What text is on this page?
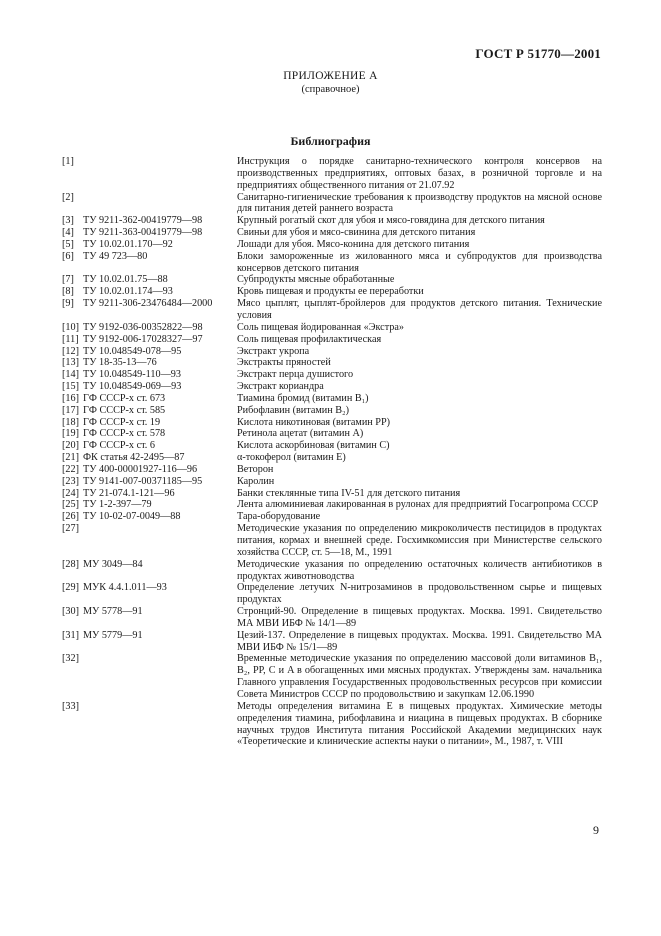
ГОСТ Р 51770—2001
ПРИЛОЖЕНИЕ А
(справочное)
Библиография
[1]	Инструкция о порядке санитарно-технического контроля консервов на производственных предприятиях, оптовых базах, в розничной торговле и на предприятиях общественного питания от 21.07.92
[2]	Санитарно-гигиенические требования к производству продуктов на мясной основе для питания детей раннего возраста
[3] ТУ 9211-362-00419779—98	Крупный рогатый скот для убоя и мясо-говядина для детского питания
[4] ТУ 9211-363-00419779—98	Свиньи для убоя и мясо-свинина для детского питания
[5] ТУ 10.02.01.170—92	Лошади для убоя. Мясо-конина для детского питания
[6] ТУ 49 723—80	Блоки замороженные из жилованного мяса и субпродуктов для производства консервов детского питания
[7] ТУ 10.02.01.75—88	Субпродукты мясные обработанные
[8] ТУ 10.02.01.174—93	Кровь пищевая и продукты ее переработки
[9] ТУ 9211-306-23476484—2000	Мясо цыплят, цыплят-бройлеров для продуктов детского питания. Технические условия
[10] ТУ 9192-036-00352822—98	Соль пищевая йодированная «Экстра»
[11] ТУ 9192-006-17028327—97	Соль пищевая профилактическая
[12] ТУ 10.048549-078—95	Экстракт укропа
[13] ТУ 18-35-13—76	Экстракты пряностей
[14] ТУ 10.048549-110—93	Экстракт перца душистого
[15] ТУ 10.048549-069—93	Экстракт кориандра
[16] ГФ СССР-х ст. 673	Тиамина бромид (витамин B₁)
[17] ГФ СССР-х ст. 585	Рибофлавин (витамин B₂)
[18] ГФ СССР-х ст. 19	Кислота никотиновая (витамин РР)
[19] ГФ СССР-х ст. 578	Ретинола ацетат (витамин А)
[20] ГФ СССР-х ст. 6	Кислота аскорбиновая (витамин С)
[21] ФК статья 42-2495—87	α-токоферол (витамин Е)
[22] ТУ 400-00001927-116—96	Веторон
[23] ТУ 9141-007-00371185—95	Каролин
[24] ТУ 21-074.1-121—96	Банки стеклянные типа IV-51 для детского питания
[25] ТУ 1-2-397—79	Лента алюминиевая лакированная в рулонах для предприятий Госагропрома СССР
[26] ТУ 10-02-07-0049—88	Тара-оборудование
[27]	Методические указания по определению микроколичеств пестицидов в продуктах питания, кормах и внешней среде. Госхимкомиссия при Министерстве сельского хозяйства СССР, ст. 5—18, М., 1991
[28] МУ 3049—84	Методические указания по определению остаточных количеств антибиотиков в продуктах животноводства
[29] МУК 4.4.1.011—93	Определение летучих N-нитрозаминов в продовольственном сырье и пищевых продуктах
[30] МУ 5778—91	Стронций-90. Определение в пищевых продуктах. Москва. 1991. Свидетельство МА МВИ ИБФ № 14/1—89
[31] МУ 5779—91	Цезий-137. Определение в пищевых продуктах. Москва. 1991. Свидетельство МА МВИ ИБФ № 15/1—89
[32]	Временные методические указания по определению массовой доли витаминов B₁, B₂, PP, C и A в обогащенных ими мясных продуктах. Утверждены зам. начальника Главного управления Государственных продовольственных ресурсов при комиссии Совета Министров СССР по продовольствию и закупкам 12.06.1990
[33]	Методы определения витамина Е в пищевых продуктах. Химические методы определения тиамина, рибофлавина и ниацина в пищевых продуктах. В сборнике научных трудов Института питания Российской Академии медицинских наук «Теоретические и клинические аспекты науки о питании», М., 1987, т. VIII
9
